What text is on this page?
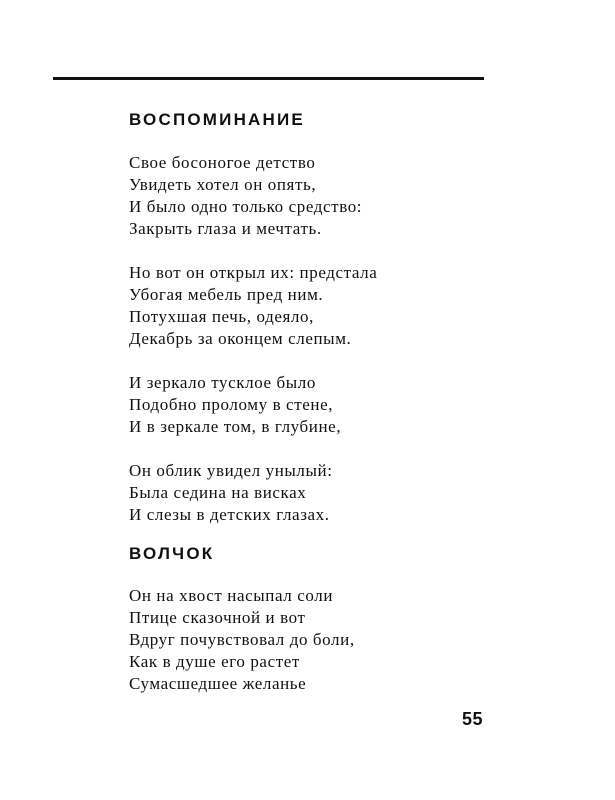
ВОСПОМИНАНИЕ
Свое босоногое детство
Увидеть хотел он опять,
И было одно только средство:
Закрыть глаза и мечтать.
Но вот он открыл их: предстала
Убогая мебель пред ним.
Потухшая печь, одеяло,
Декабрь за оконцем слепым.
И зеркало тусклое было
Подобно пролому в стене,
И в зеркале том, в глубине,
Он облик увидел унылый:
Была седина на висках
И слезы в детских глазах.
ВОЛЧОК
Он на хвост насыпал соли
Птице сказочной и вот
Вдруг почувствовал до боли,
Как в душе его растет
Сумасшедшее желанье
55
